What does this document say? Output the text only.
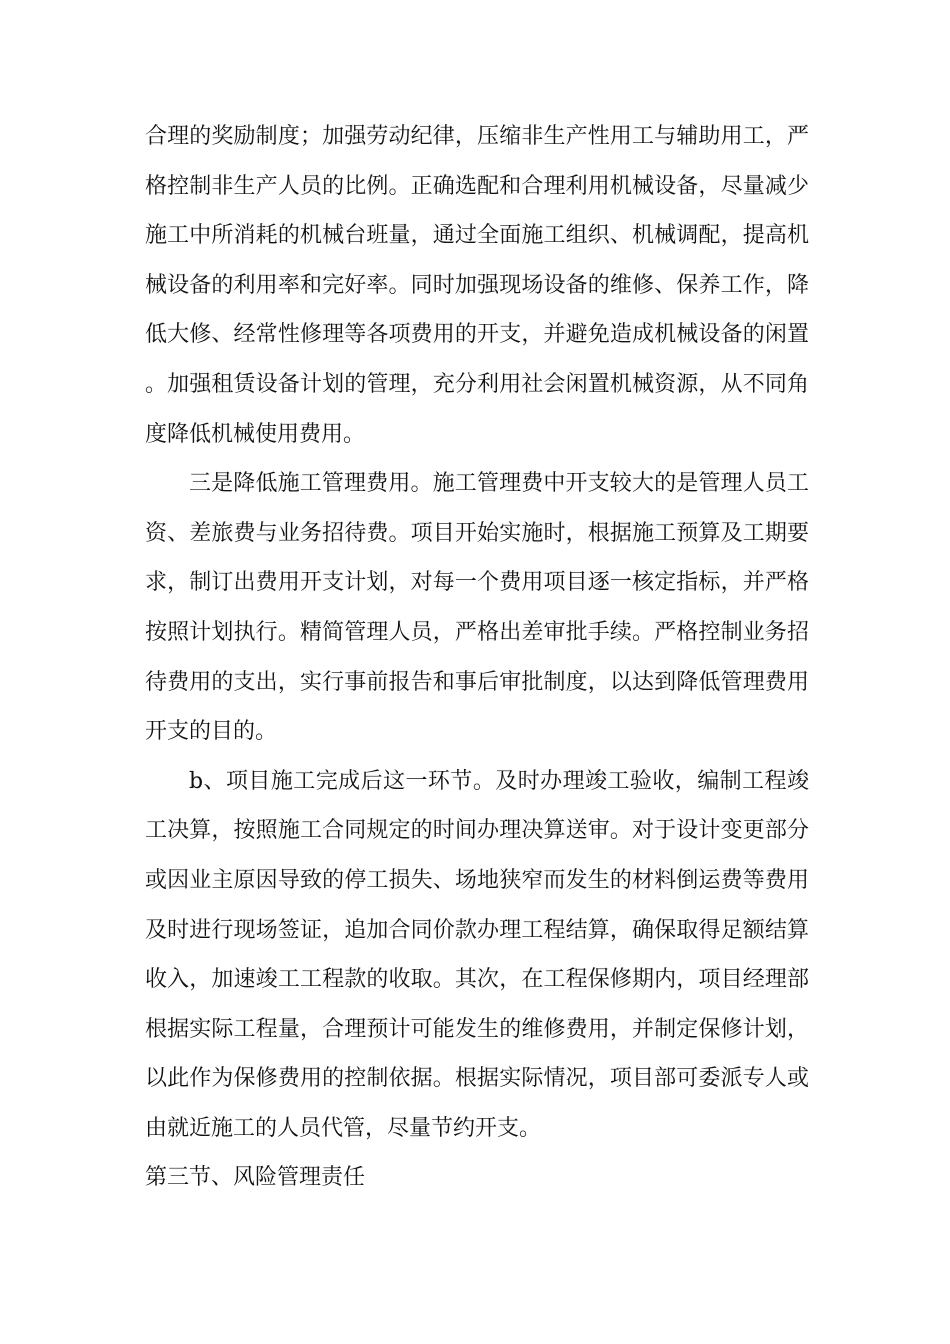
合理的奖励制度；加强劳动纪律，压缩非生产性用工与辅助用工，严格控制非生产人员的比例。正确选配和合理利用机械设备，尽量减少施工中所消耗的机械台班量，通过全面施工组织、机械调配，提高机械设备的利用率和完好率。同时加强现场设备的维修、保养工作，降低大修、经常性修理等各项费用的开支，并避免造成机械设备的闲置。加强租赁设备计划的管理，充分利用社会闲置机械资源，从不同角度降低机械使用费用。

三是降低施工管理费用。施工管理费中开支较大的是管理人员工资、差旅费与业务招待费。项目开始实施时，根据施工预算及工期要求，制订出费用开支计划，对每一个费用项目逐一核定指标，并严格按照计划执行。精简管理人员，严格出差审批手续。严格控制业务招待费用的支出，实行事前报告和事后审批制度，以达到降低管理费用开支的目的。

b、项目施工完成后这一环节。及时办理竣工验收，编制工程竣工决算，按照施工合同规定的时间办理决算送审。对于设计变更部分或因业主原因导致的停工损失、场地狭窄而发生的材料倒运费等费用及时进行现场签证，追加合同价款办理工程结算，确保取得足额结算收入，加速竣工工程款的收取。其次，在工程保修期内，项目经理部根据实际工程量，合理预计可能发生的维修费用，并制定保修计划，以此作为保修费用的控制依据。根据实际情况，项目部可委派专人或由就近施工的人员代管，尽量节约开支。

第三节、风险管理责任
